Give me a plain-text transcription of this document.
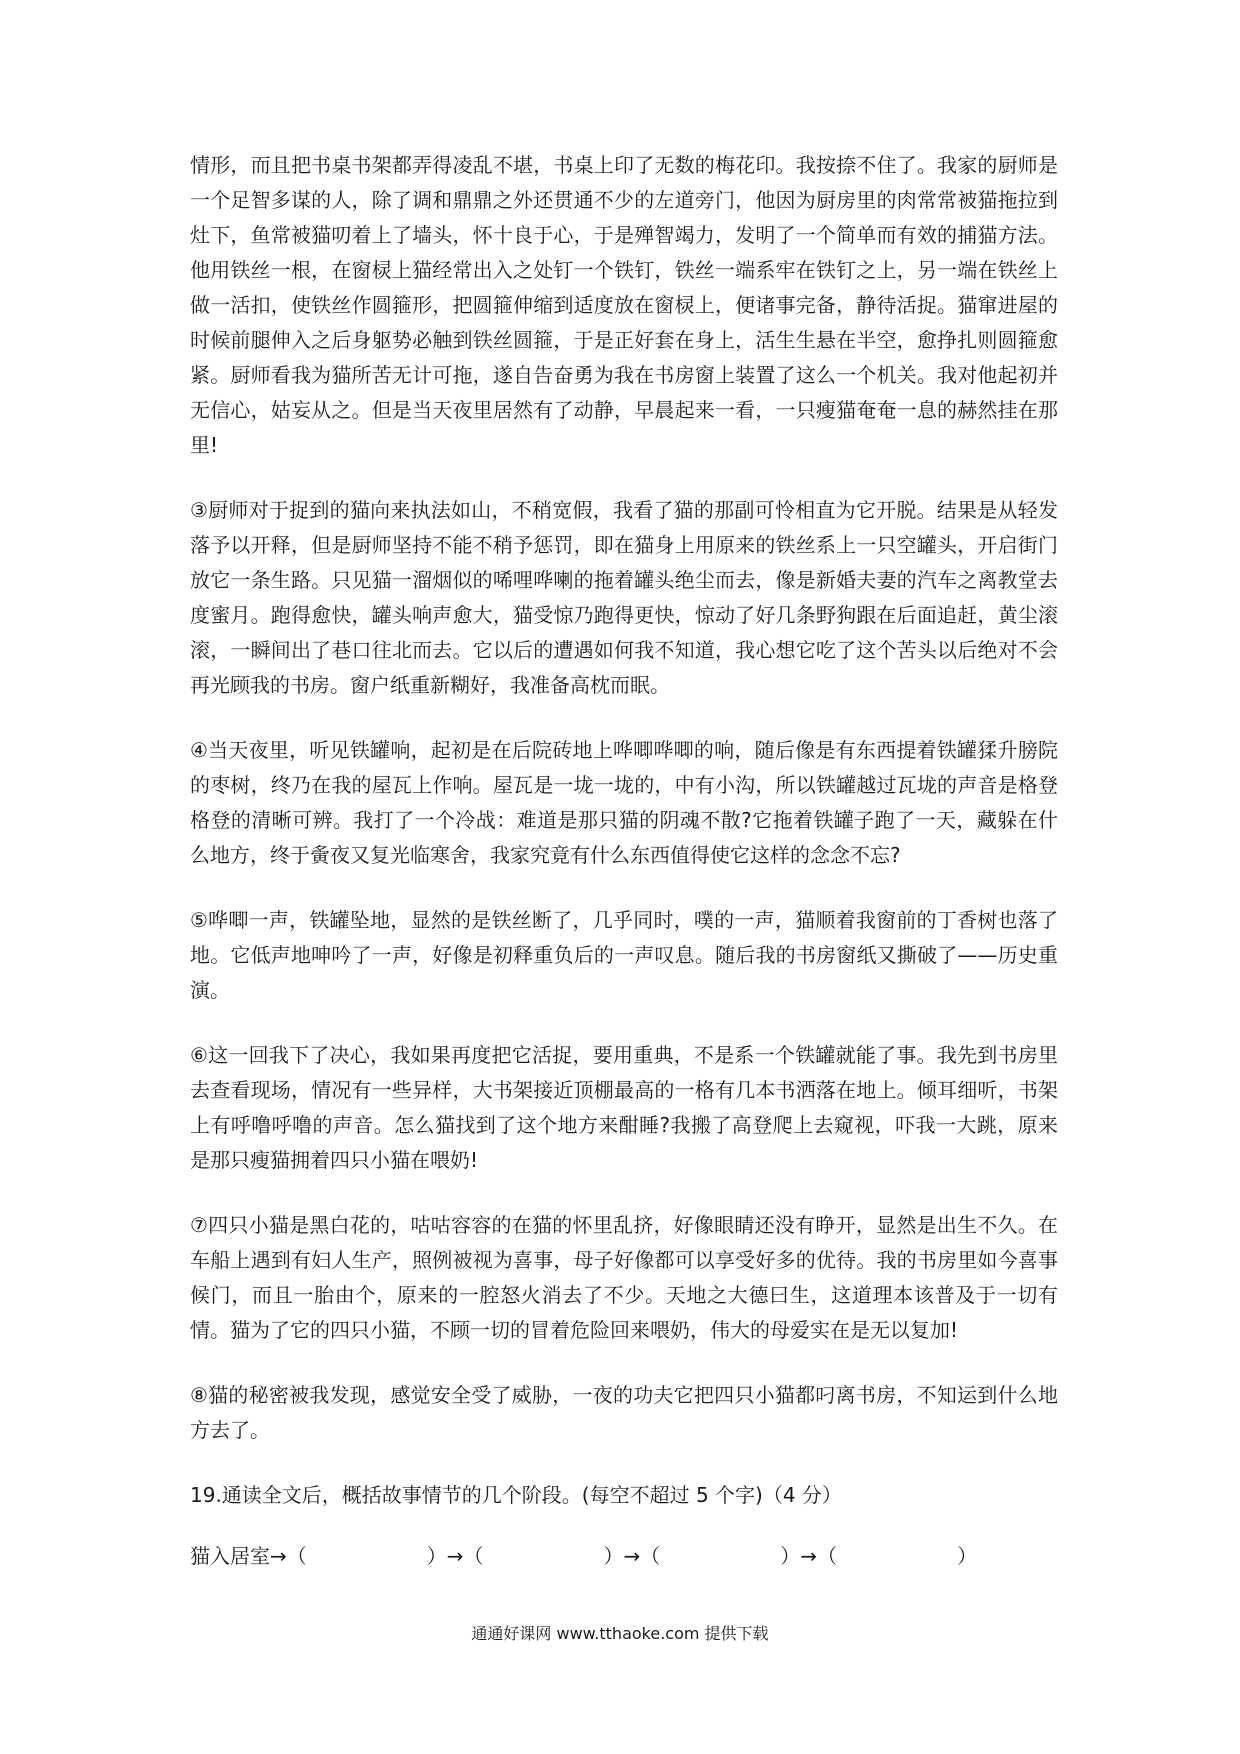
情形，而且把书桌书架都弄得凌乱不堪，书桌上印了无数的梅花印。我按捺不住了。我家的厨师是一个足智多谋的人，除了调和鼎鼎之外还贯通不少的左道旁门，他因为厨房里的肉常常被猫拖拉到灶下，鱼常被猫叨着上了墙头，怀十良于心，于是殚智竭力，发明了一个简单而有效的捕猫方法。他用铁丝一根，在窗棂上猫经常出入之处钉一个铁钉，铁丝一端系牢在铁钉之上，另一端在铁丝上做一活扣，使铁丝作圆箍形，把圆箍伸缩到适度放在窗棂上，便诸事完备，静待活捉。猫窜进屋的时候前腿伸入之后身躯势必触到铁丝圆箍，于是正好套在身上，活生生悬在半空，愈挣扎则圆箍愈紧。厨师看我为猫所苦无计可拖，遂自告奋勇为我在书房窗上装置了这么一个机关。我对他起初并无信心，姑妄从之。但是当天夜里居然有了动静，早晨起来一看，一只瘦猫奄奄一息的赫然挂在那里!

③厨师对于捉到的猫向来执法如山，不稍宽假，我看了猫的那副可怜相直为它开脱。结果是从轻发落予以开释，但是厨师坚持不能不稍予惩罚，即在猫身上用原来的铁丝系上一只空罐头，开启街门放它一条生路。只见猫一溜烟似的唏哩哗喇的拖着罐头绝尘而去，像是新婚夫妻的汽车之离教堂去度蜜月。跑得愈快，罐头响声愈大，猫受惊乃跑得更快，惊动了好几条野狗跟在后面追赶，黄尘滚滚，一瞬间出了巷口往北而去。它以后的遭遇如何我不知道，我心想它吃了这个苦头以后绝对不会再光顾我的书房。窗户纸重新糊好，我准备高枕而眠。

④当天夜里，听见铁罐响，起初是在后院砖地上哗唧哗唧的响，随后像是有东西提着铁罐猱升膀院的枣树，终乃在我的屋瓦上作响。屋瓦是一垅一垅的，中有小沟，所以铁罐越过瓦垅的声音是格登格登的清晰可辨。我打了一个冷战：难道是那只猫的阴魂不散?它拖着铁罐子跑了一天，藏躲在什么地方，终于夤夜又复光临寒舍，我家究竟有什么东西值得使它这样的念念不忘?

⑤哗唧一声，铁罐坠地，显然的是铁丝断了，几乎同时，噗的一声，猫顺着我窗前的丁香树也落了地。它低声地呻吟了一声，好像是初释重负后的一声叹息。随后我的书房窗纸又撕破了——历史重演。

⑥这一回我下了决心，我如果再度把它活捉，要用重典，不是系一个铁罐就能了事。我先到书房里去查看现场，情况有一些异样，大书架接近顶棚最高的一格有几本书洒落在地上。倾耳细听，书架上有呼噜呼噜的声音。怎么猫找到了这个地方来酣睡?我搬了高登爬上去窥视，吓我一大跳，原来是那只瘦猫拥着四只小猫在喂奶!

⑦四只小猫是黑白花的，咕咕容容的在猫的怀里乱挤，好像眼睛还没有睁开，显然是出生不久。在车船上遇到有妇人生产，照例被视为喜事，母子好像都可以享受好多的优待。我的书房里如今喜事候门，而且一胎由个，原来的一腔怒火消去了不少。天地之大德曰生，这道理本该普及于一切有情。猫为了它的四只小猫，不顾一切的冒着危险回来喂奶，伟大的母爱实在是无以复加!

⑧猫的秘密被我发现，感觉安全受了威胁，一夜的功夫它把四只小猫都叼离书房，不知运到什么地方去了。

19.通读全文后，概括故事情节的几个阶段。(每空不超过 5 个字)（4 分）

猫入居室 → （	） → （	） → （	） → （	）
通通好课网 www.tthaoke.com 提供下载
